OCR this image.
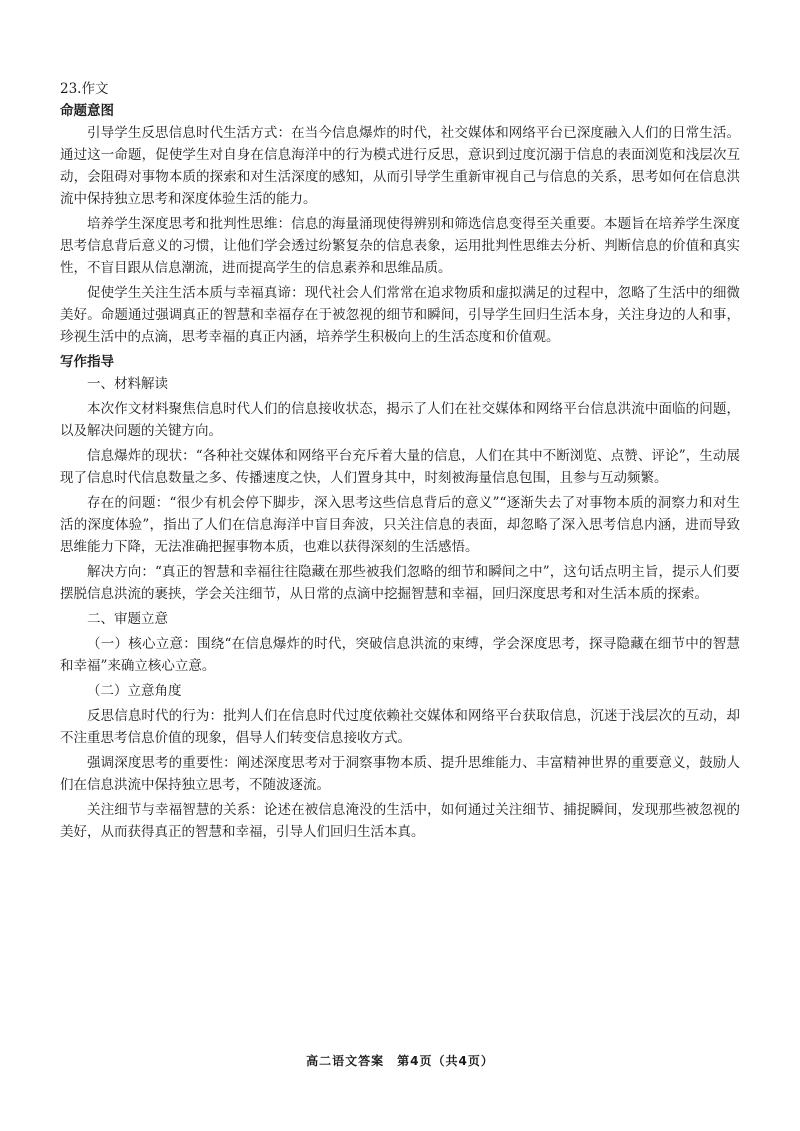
23.作文

命题意图

引导学生反思信息时代生活方式：在当今信息爆炸的时代，社交媒体和网络平台已深度融入人们的日常生活。通过这一命题，促使学生对自身在信息海洋中的行为模式进行反思，意识到过度沉溺于信息的表面浏览和浅层次互动，会阻碍对事物本质的探索和对生活深度的感知，从而引导学生重新审视自己与信息的关系，思考如何在信息洪流中保持独立思考和深度体验生活的能力。

培养学生深度思考和批判性思维：信息的海量涌现使得辨别和筛选信息变得至关重要。本题旨在培养学生深度思考信息背后意义的习惯，让他们学会透过纷繁复杂的信息表象，运用批判性思维去分析、判断信息的价值和真实性，不盲目跟从信息潮流，进而提高学生的信息素养和思维品质。

促使学生关注生活本质与幸福真谛：现代社会人们常常在追求物质和虚拟满足的过程中，忽略了生活中的细微美好。命题通过强调真正的智慧和幸福存在于被忽视的细节和瞬间，引导学生回归生活本身，关注身边的人和事，珍视生活中的点滴，思考幸福的真正内涵，培养学生积极向上的生活态度和价值观。

写作指导

一、材料解读

本次作文材料聚焦信息时代人们的信息接收状态，揭示了人们在社交媒体和网络平台信息洪流中面临的问题，以及解决问题的关键方向。

信息爆炸的现状：“各种社交媒体和网络平台充斥着大量的信息，人们在其中不断浏览、点赞、评论”，生动展现了信息时代信息数量之多、传播速度之快，人们置身其中，时刻被海量信息包围，且参与互动频繁。

存在的问题：“很少有机会停下脚步，深入思考这些信息背后的意义”“逐渐失去了对事物本质的洞察力和对生活的深度体验”，指出了人们在信息海洋中盲目奔波，只关注信息的表面，却忽略了深入思考信息内涵，进而导致思维能力下降，无法准确把握事物本质，也难以获得深刻的生活感悟。

解决方向：“真正的智慧和幸福往往隐藏在那些被我们忽略的细节和瞬间之中”，这句话点明主旨，提示人们要摆脱信息洪流的裹挟，学会关注细节，从日常的点滴中挖掘智慧和幸福，回归深度思考和对生活本质的探索。

二、审题立意

（一）核心立意：围绕“在信息爆炸的时代，突破信息洪流的束缚，学会深度思考，探寻隐藏在细节中的智慧和幸福”来确立核心立意。

（二）立意角度

反思信息时代的行为：批判人们在信息时代过度依赖社交媒体和网络平台获取信息，沉迷于浅层次的互动，却不注重思考信息价值的现象，倡导人们转变信息接收方式。

强调深度思考的重要性：阐述深度思考对于洞察事物本质、提升思维能力、丰富精神世界的重要意义，鼓励人们在信息洪流中保持独立思考，不随波逐流。

关注细节与幸福智慧的关系：论述在被信息淹没的生活中，如何通过关注细节、捕捉瞬间，发现那些被忽视的美好，从而获得真正的智慧和幸福，引导人们回归生活本真。

高二语文答案　第4页（共4页）
